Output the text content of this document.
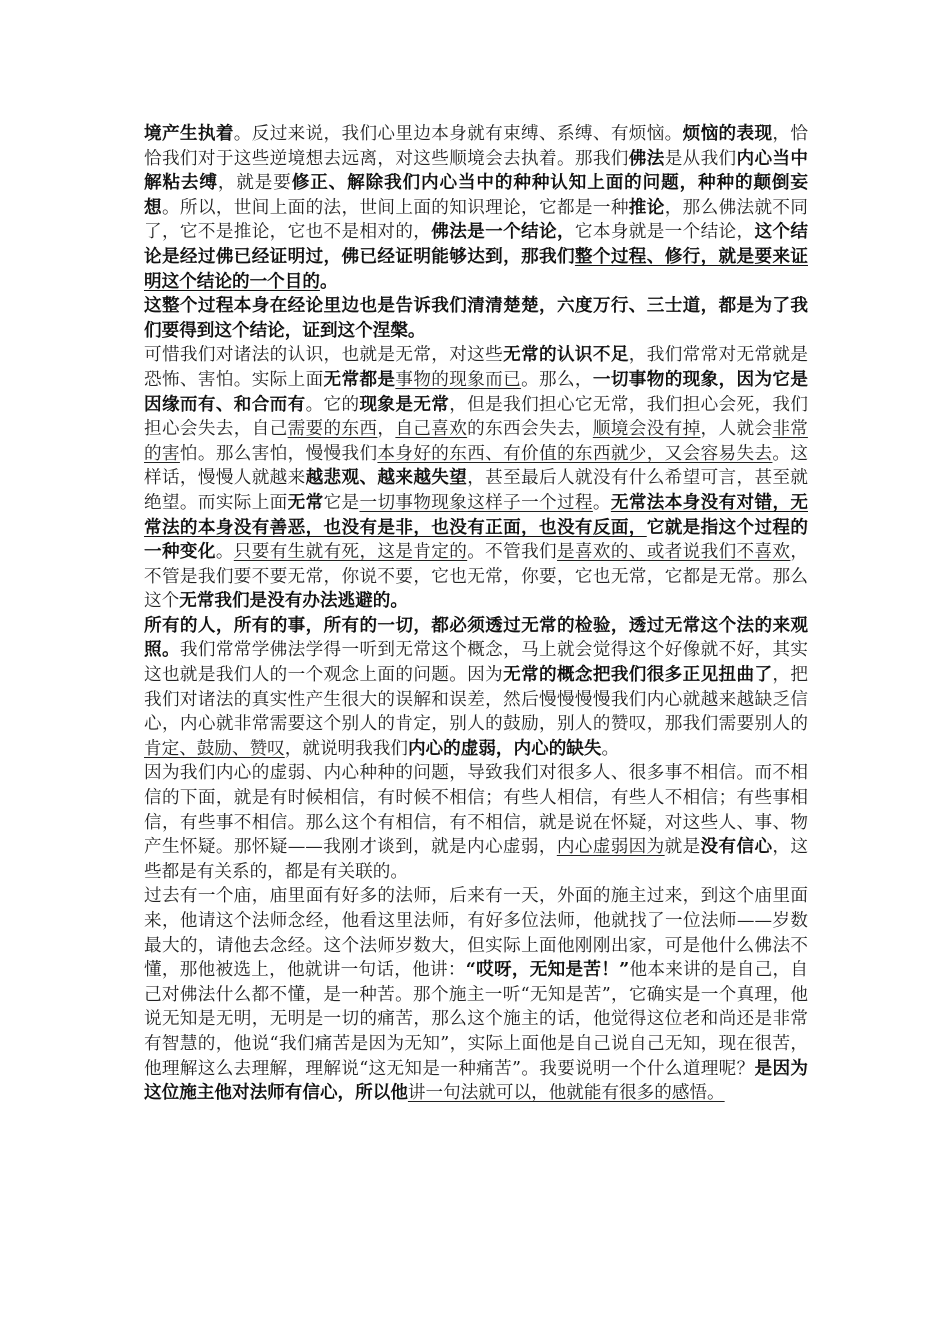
境产生执着。反过来说，我们心里边本身就有束缚、系缚、有烦恼。烦恼的表现，恰恰我们对于这些逆境想去远离，对这些顺境会去执着。那我们佛法是从我们内心当中解粘去缚，就是要修正、解除我们内心当中的种种认知上面的问题，种种的颠倒妄想。所以，世间上面的法，世间上面的知识理论，它都是一种推论，那么佛法就不同了，它不是推论，它也不是相对的，佛法是一个结论，它本身就是一个结论，这个结论是经过佛已经证明过，佛已经证明能够达到，那我们整个过程、修行，就是要来证明这个结论的一个目的。

这整个过程本身在经论里边也是告诉我们清清楚楚，六度万行、三士道，都是为了我们要得到这个结论，证到这个涅槃。

可惜我们对诸法的认识，也就是无常，对这些无常的认识不足，我们常常对无常就是恐怖、害怕。实际上面无常都是事物的现象而已。那么，一切事物的现象，因为它是因缘而有、和合而有。它的现象是无常，但是我们担心它无常，我们担心会死，我们担心会失去，自己需要的东西，自己喜欢的东西会失去，顺境会没有掉，人就会非常的害怕。那么害怕，慢慢我们本身好的东西、有价值的东西就少，又会容易失去。这样话，慢慢人就越来越悲观、越来越失望，甚至最后人就没有什么希望可言，甚至就绝望。而实际上面无常它是一切事物现象这样子一个过程。无常法本身没有对错，无常法的本身没有善恶，也没有是非，也没有正面，也没有反面，它就是指这个过程的一种变化。只要有生就有死，这是肯定的。不管我们是喜欢的、或者说我们不喜欢，不管是我们要不要无常，你说不要，它也无常，你要，它也无常，它都是无常。那么这个无常我们是没有办法逃避的。

所有的人，所有的事，所有的一切，都必须透过无常的检验，透过无常这个法的来观照。我们常常学佛法学得一听到无常这个概念，马上就会觉得这个好像就不好，其实这也就是我们人的一个观念上面的问题。因为无常的概念把我们很多正见扭曲了，把我们对诸法的真实性产生很大的误解和误差，然后慢慢慢慢我们内心就越来越缺乏信心，内心就非常需要这个别人的肯定，别人的鼓励，别人的赞叹，那我们需要别人的肯定、鼓励、赞叹，就说明我我们内心的虚弱，内心的缺失。

因为我们内心的虚弱、内心种种的问题，导致我们对很多人、很多事不相信。而不相信的下面，就是有时候相信，有时候不相信；有些人相信，有些人不相信；有些事相信，有些事不相信。那么这个有相信，有不相信，就是说在怀疑，对这些人、事、物产生怀疑。那怀疑——我刚才谈到，就是内心虚弱，内心虚弱因为就是没有信心，这些都是有关系的，都是有关联的。

过去有一个庙，庙里面有好多的法师，后来有一天，外面的施主过来，到这个庙里面来，他请这个法师念经，他看这里法师，有好多位法师，他就找了一位法师——岁数最大的，请他去念经。这个法师岁数大，但实际上面他刚刚出家，可是他什么佛法不懂，那他被选上，他就讲一句话，他讲：“哎呀，无知是苦！”他本来讲的是自己，自己对佛法什么都不懂，是一种苦。那个施主一听“无知是苦”，它确实是一个真理，他说无知是无明，无明是一切的痛苦，那么这个施主的话，他觉得这位老和尚还是非常有智慧的，他说“我们痛苦是因为无知”，实际上面他是自己说自己无知，现在很苦，他理解这么去理解，理解说“这无知是一种痛苦”。我要说明一个什么道理呢？是因为这位施主他对法师有信心，所以他讲一句法就可以，他就能有很多的感悟。
